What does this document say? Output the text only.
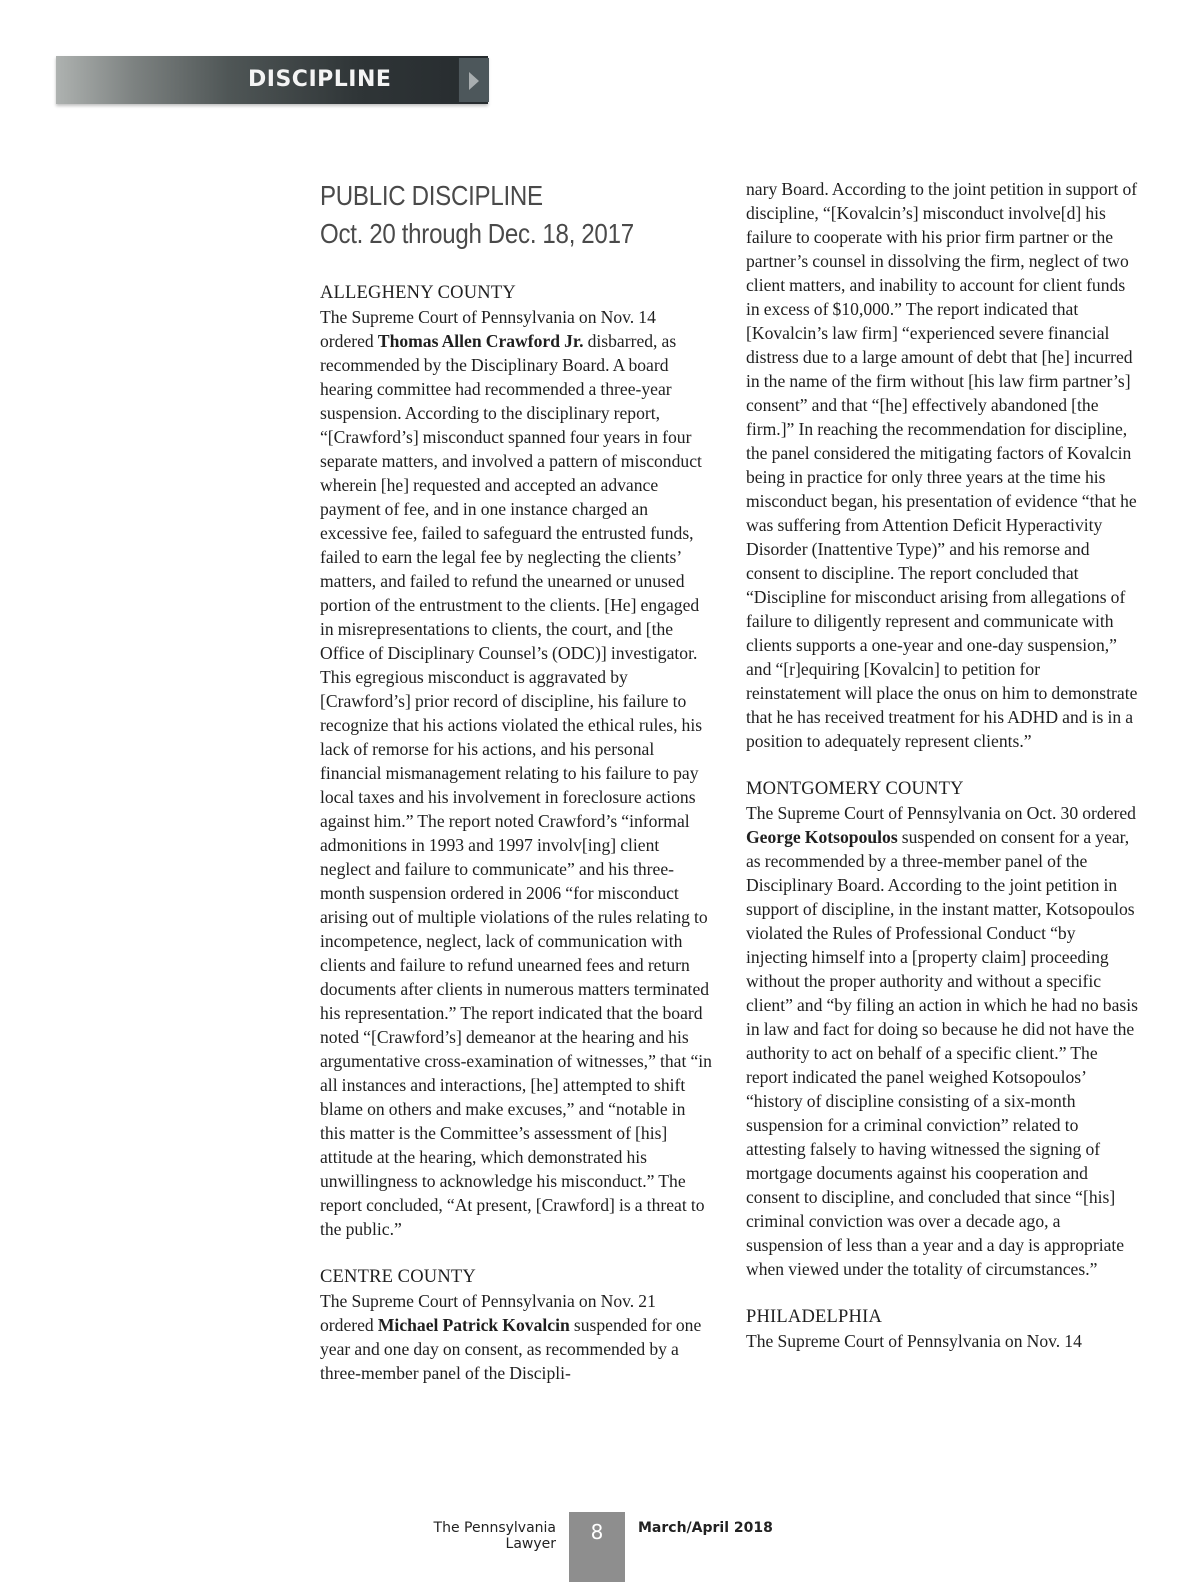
DISCIPLINE
PUBLIC DISCIPLINE
Oct. 20 through Dec. 18, 2017
ALLEGHENY COUNTY

The Supreme Court of Pennsylvania on Nov. 14 ordered Thomas Allen Crawford Jr. disbarred, as recommended by the Disciplinary Board. A board hearing committee had recommended a three-year suspension. According to the disciplinary report, “[Crawford’s] misconduct spanned four years in four separate matters, and involved a pattern of misconduct wherein [he] requested and accepted an advance payment of fee, and in one instance charged an excessive fee, failed to safeguard the entrusted funds, failed to earn the legal fee by neglecting the clients’ matters, and failed to refund the unearned or unused portion of the entrustment to the clients. [He] engaged in misrepresentations to clients, the court, and [the Office of Disciplinary Counsel’s (ODC)] investigator. This egregious misconduct is aggravated by [Crawford’s] prior record of discipline, his failure to recognize that his actions violated the ethical rules, his lack of remorse for his actions, and his personal financial mismanagement relating to his failure to pay local taxes and his involvement in foreclosure actions against him.” The report noted Crawford’s “informal admonitions in 1993 and 1997 involv[ing] client neglect and failure to communicate” and his three-month suspension ordered in 2006 “for misconduct arising out of multiple violations of the rules relating to incompetence, neglect, lack of communication with clients and failure to refund unearned fees and return documents after clients in numerous matters terminated his representation.” The report indicated that the board noted “[Crawford’s] demeanor at the hearing and his argumentative cross-examination of witnesses,” that “in all instances and interactions, [he] attempted to shift blame on others and make excuses,” and “notable in this matter is the Committee’s assessment of [his] attitude at the hearing, which demonstrated his unwillingness to acknowledge his misconduct.” The report concluded, “At present, [Crawford] is a threat to the public.”

CENTRE COUNTY

The Supreme Court of Pennsylvania on Nov. 21 ordered Michael Patrick Kovalcin suspended for one year and one day on consent, as recommended by a three-member panel of the Discipli-

nary Board. According to the joint petition in support of discipline, “[Kovalcin’s] misconduct involve[d] his failure to cooperate with his prior firm partner or the partner’s counsel in dissolving the firm, neglect of two client matters, and inability to account for client funds in excess of $10,000.” The report indicated that [Kovalcin’s law firm] “experienced severe financial distress due to a large amount of debt that [he] incurred in the name of the firm without [his law firm partner’s] consent” and that “[he] effectively abandoned [the firm.]” In reaching the recommendation for discipline, the panel considered the mitigating factors of Kovalcin being in practice for only three years at the time his misconduct began, his presentation of evidence “that he was suffering from Attention Deficit Hyperactivity Disorder (Inattentive Type)” and his remorse and consent to discipline. The report concluded that “Discipline for misconduct arising from allegations of failure to diligently represent and communicate with clients supports a one-year and one-day suspension,” and “[r]equiring [Kovalcin] to petition for reinstatement will place the onus on him to demonstrate that he has received treatment for his ADHD and is in a position to adequately represent clients.”

MONTGOMERY COUNTY

The Supreme Court of Pennsylvania on Oct. 30 ordered George Kotsopoulos suspended on consent for a year, as recommended by a three-member panel of the Disciplinary Board. According to the joint petition in support of discipline, in the instant matter, Kotsopoulos violated the Rules of Professional Conduct “by injecting himself into a [property claim] proceeding without the proper authority and without a specific client” and “by filing an action in which he had no basis in law and fact for doing so because he did not have the authority to act on behalf of a specific client.” The report indicated the panel weighed Kotsopoulos’ “history of discipline consisting of a six-month suspension for a criminal conviction” related to attesting falsely to having witnessed the signing of mortgage documents against his cooperation and consent to discipline, and concluded that since “[his] criminal conviction was over a decade ago, a suspension of less than a year and a day is appropriate when viewed under the totality of circumstances.”

PHILADELPHIA

The Supreme Court of Pennsylvania on Nov. 14

The Pennsylvania Lawyer	8	March/April 2018
